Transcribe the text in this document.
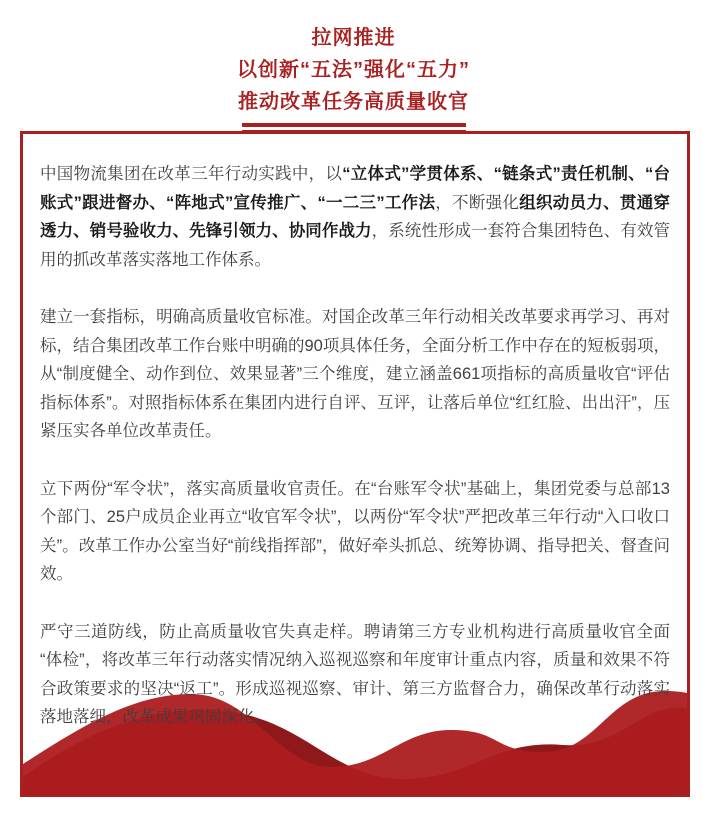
拉网推进
以创新“五法”强化“五力”
推动改革任务高质量收官

中国物流集团在改革三年行动实践中，以“立体式”学贯体系、“链条式”责任机制、“台账式”跟进督办、“阵地式”宣传推广、“一二三”工作法，不断强化组织动员力、贯通穿透力、销号验收力、先锋引领力、协同作战力，系统性形成一套符合集团特色、有效管用的抓改革落实落地工作体系。

建立一套指标，明确高质量收官标准。对国企改革三年行动相关改革要求再学习、再对标，结合集团改革工作台账中明确的90项具体任务，全面分析工作中存在的短板弱项，从“制度健全、动作到位、效果显著”三个维度，建立涵盖661项指标的高质量收官“评估指标体系”。对照指标体系在集团内进行自评、互评，让落后单位“红红脸、出出汗”，压紧压实各单位改革责任。

立下两份“军令状”，落实高质量收官责任。在“台账军令状”基础上，集团党委与总部13个部门、25户成员企业再立“收官军令状”，以两份“军令状”严把改革三年行动“入口收口关”。改革工作办公室当好“前线指挥部”，做好牵头抓总、统筹协调、指导把关、督查问效。

严守三道防线，防止高质量收官失真走样。聘请第三方专业机构进行高质量收官全面“体检”，将改革三年行动落实情况纳入巡视巡察和年度审计重点内容，质量和效果不符合政策要求的坚决“返工”。形成巡视巡察、审计、第三方监督合力，确保改革行动落实落地落细，改革成果巩固深化。
